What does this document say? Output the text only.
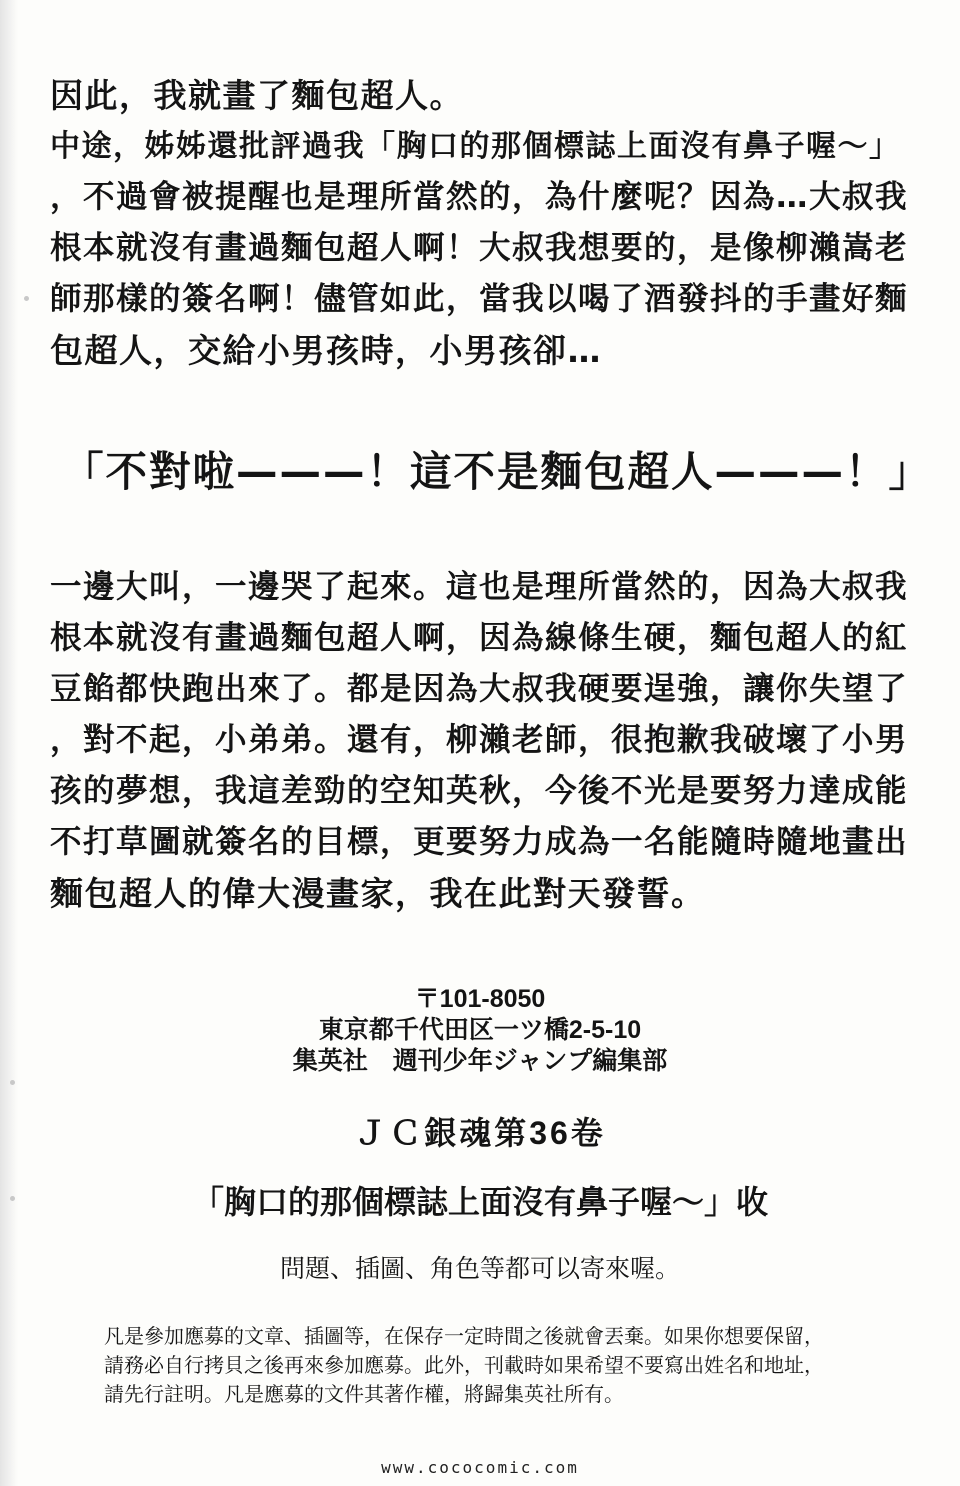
因此，我就畫了麵包超人。
中途，姊姊還批評過我「胸口的那個標誌上面沒有鼻子喔～」
，不過會被提醒也是理所當然的，為什麼呢？因為…大叔我
根本就沒有畫過麵包超人啊！大叔我想要的，是像柳瀨嵩老
師那樣的簽名啊！儘管如此，當我以喝了酒發抖的手畫好麵
包超人，交給小男孩時，小男孩卻…
「不對啦———！這不是麵包超人———！」
一邊大叫，一邊哭了起來。這也是理所當然的，因為大叔我
根本就沒有畫過麵包超人啊，因為線條生硬，麵包超人的紅
豆餡都快跑出來了。都是因為大叔我硬要逞強，讓你失望了
，對不起，小弟弟。還有，柳瀨老師，很抱歉我破壞了小男
孩的夢想，我這差勁的空知英秋，今後不光是要努力達成能
不打草圖就簽名的目標，更要努力成為一名能隨時隨地畫出
麵包超人的偉大漫畫家，我在此對天發誓。
〒101-8050
東京都千代田区一ツ橋2-5-10
集英社　週刊少年ジャンプ編集部
ＪＣ銀魂第36卷
「胸口的那個標誌上面沒有鼻子喔～」收
問題、插圖、角色等都可以寄來喔。
凡是參加應募的文章、插圖等，在保存一定時間之後就會丟棄。如果你想要保留，
請務必自行拷貝之後再來參加應募。此外，刊載時如果希望不要寫出姓名和地址，
請先行註明。凡是應募的文件其著作權，將歸集英社所有。
www.cococomic.com
